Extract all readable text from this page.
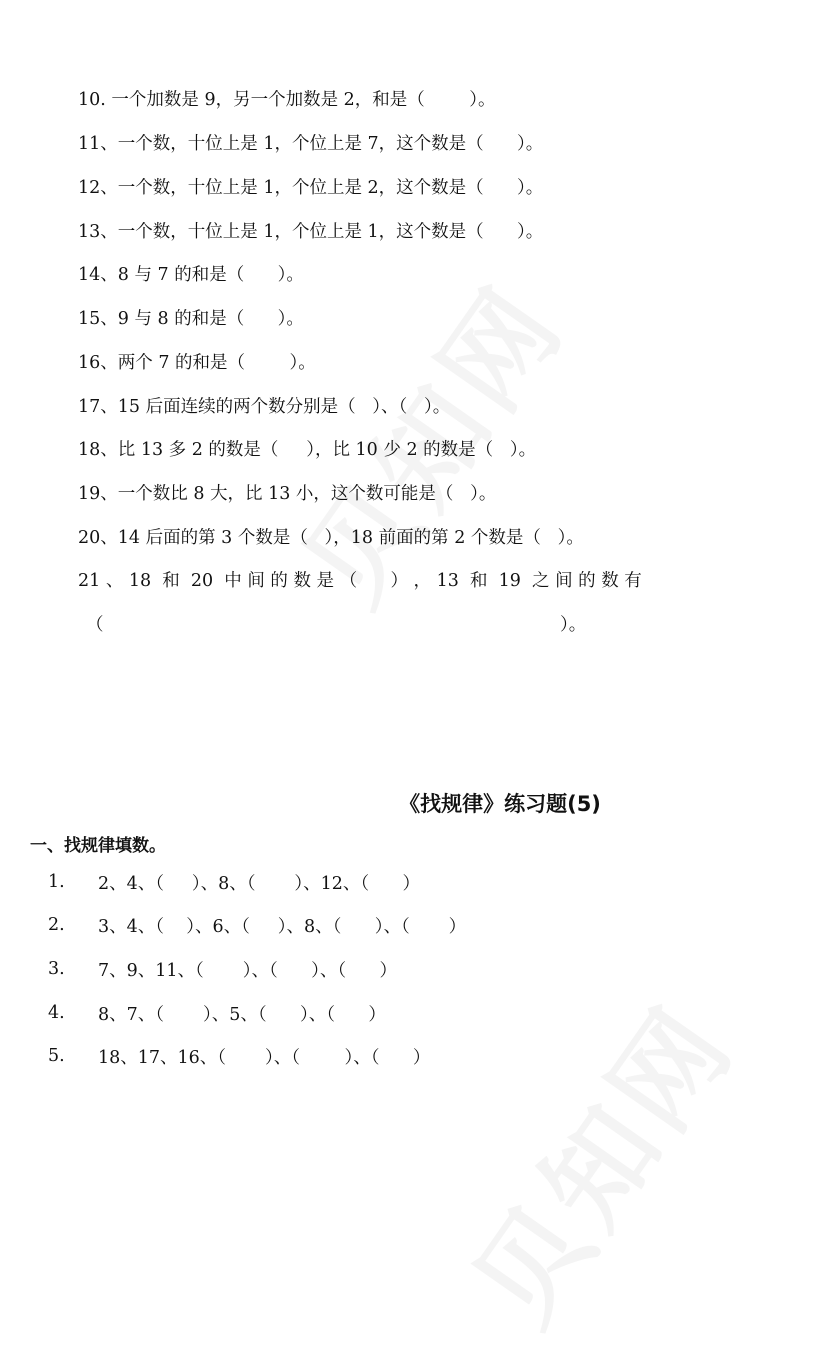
10. 一个加数是 9，另一个加数是 2，和是（        ）。
11、一个数，十位上是 1，个位上是 7，这个数是（      ）。
12、一个数，十位上是 1，个位上是 2，这个数是（      ）。
13、一个数，十位上是 1，个位上是 1，这个数是（      ）。
14、8 与 7 的和是（      ）。
15、9 与 8 的和是（      ）。
16、两个 7 的和是（        ）。
17、15 后面连续的两个数分别是（   ）、（   ）。
18、比 13 多 2 的数是（     ），比 10 少 2 的数是（   ）。
19、一个数比 8 大，比 13 小，这个数可能是（   ）。
20、14 后面的第 3 个数是（   ），18 前面的第 2 个数是（   ）。
21 、 18  和  20  中 间 的 数 是 （      ） ， 13  和  19  之 间 的 数 有
（	）。
《找规律》练习题(5)
一、找规律填数。
1. 2、4、（     ）、8、（       ）、12、（      ）
2. 3、4、（    ）、6、（     ）、8、（      ）、（       ）
3. 7、9、11、（       ）、（      ）、（      ）
4. 8、7、（       ）、5、（      ）、（      ）
5. 18、17、16、（       ）、（        ）、（      ）
